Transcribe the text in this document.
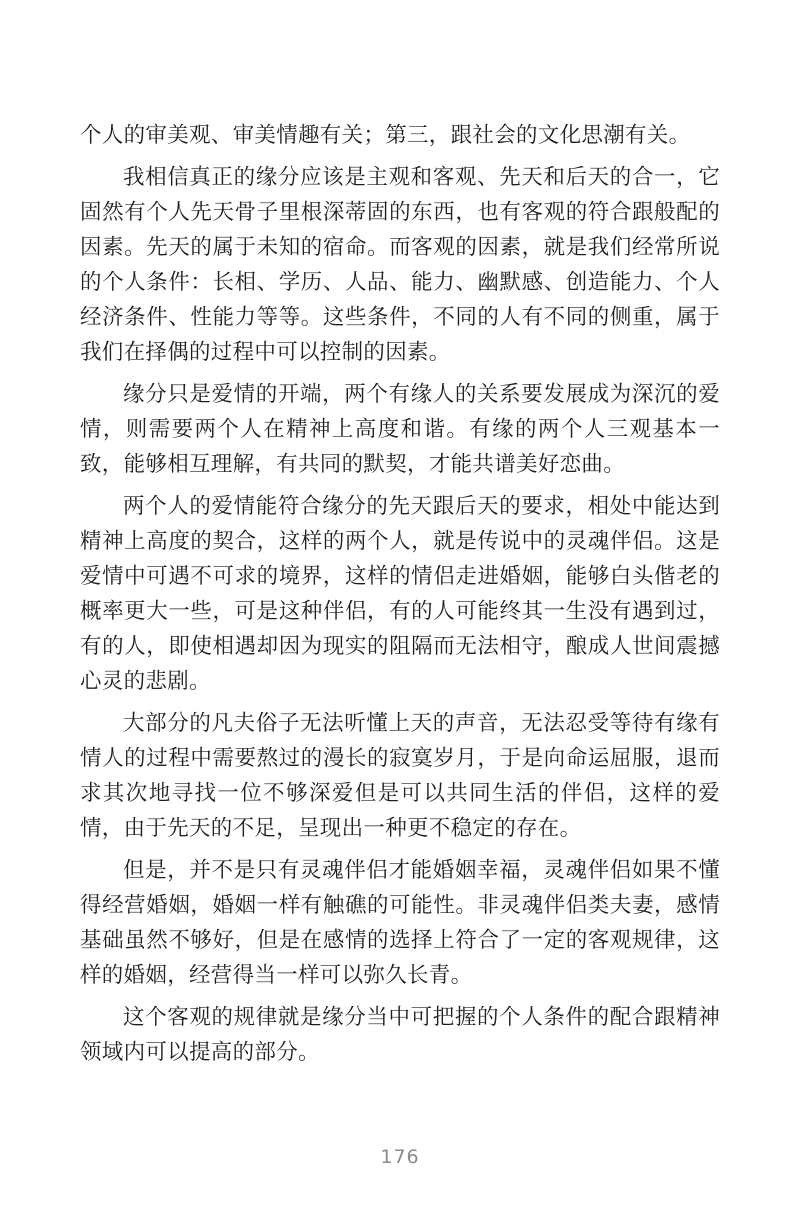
个人的审美观、审美情趣有关；第三，跟社会的文化思潮有关。

我相信真正的缘分应该是主观和客观、先天和后天的合一，它固然有个人先天骨子里根深蒂固的东西，也有客观的符合跟般配的因素。先天的属于未知的宿命。而客观的因素，就是我们经常所说的个人条件：长相、学历、人品、能力、幽默感、创造能力、个人经济条件、性能力等等。这些条件，不同的人有不同的侧重，属于我们在择偶的过程中可以控制的因素。

缘分只是爱情的开端，两个有缘人的关系要发展成为深沉的爱情，则需要两个人在精神上高度和谐。有缘的两个人三观基本一致，能够相互理解，有共同的默契，才能共谱美好恋曲。

两个人的爱情能符合缘分的先天跟后天的要求，相处中能达到精神上高度的契合，这样的两个人，就是传说中的灵魂伴侣。这是爱情中可遇不可求的境界，这样的情侣走进婚姻，能够白头偕老的概率更大一些，可是这种伴侣，有的人可能终其一生没有遇到过，有的人，即使相遇却因为现实的阻隔而无法相守，酿成人世间震撼心灵的悲剧。

大部分的凡夫俗子无法听懂上天的声音，无法忍受等待有缘有情人的过程中需要熬过的漫长的寂寞岁月，于是向命运屈服，退而求其次地寻找一位不够深爱但是可以共同生活的伴侣，这样的爱情，由于先天的不足，呈现出一种更不稳定的存在。

但是，并不是只有灵魂伴侣才能婚姻幸福，灵魂伴侣如果不懂得经营婚姻，婚姻一样有触礁的可能性。非灵魂伴侣类夫妻，感情基础虽然不够好，但是在感情的选择上符合了一定的客观规律，这样的婚姻，经营得当一样可以弥久长青。

这个客观的规律就是缘分当中可把握的个人条件的配合跟精神领域内可以提高的部分。

176
